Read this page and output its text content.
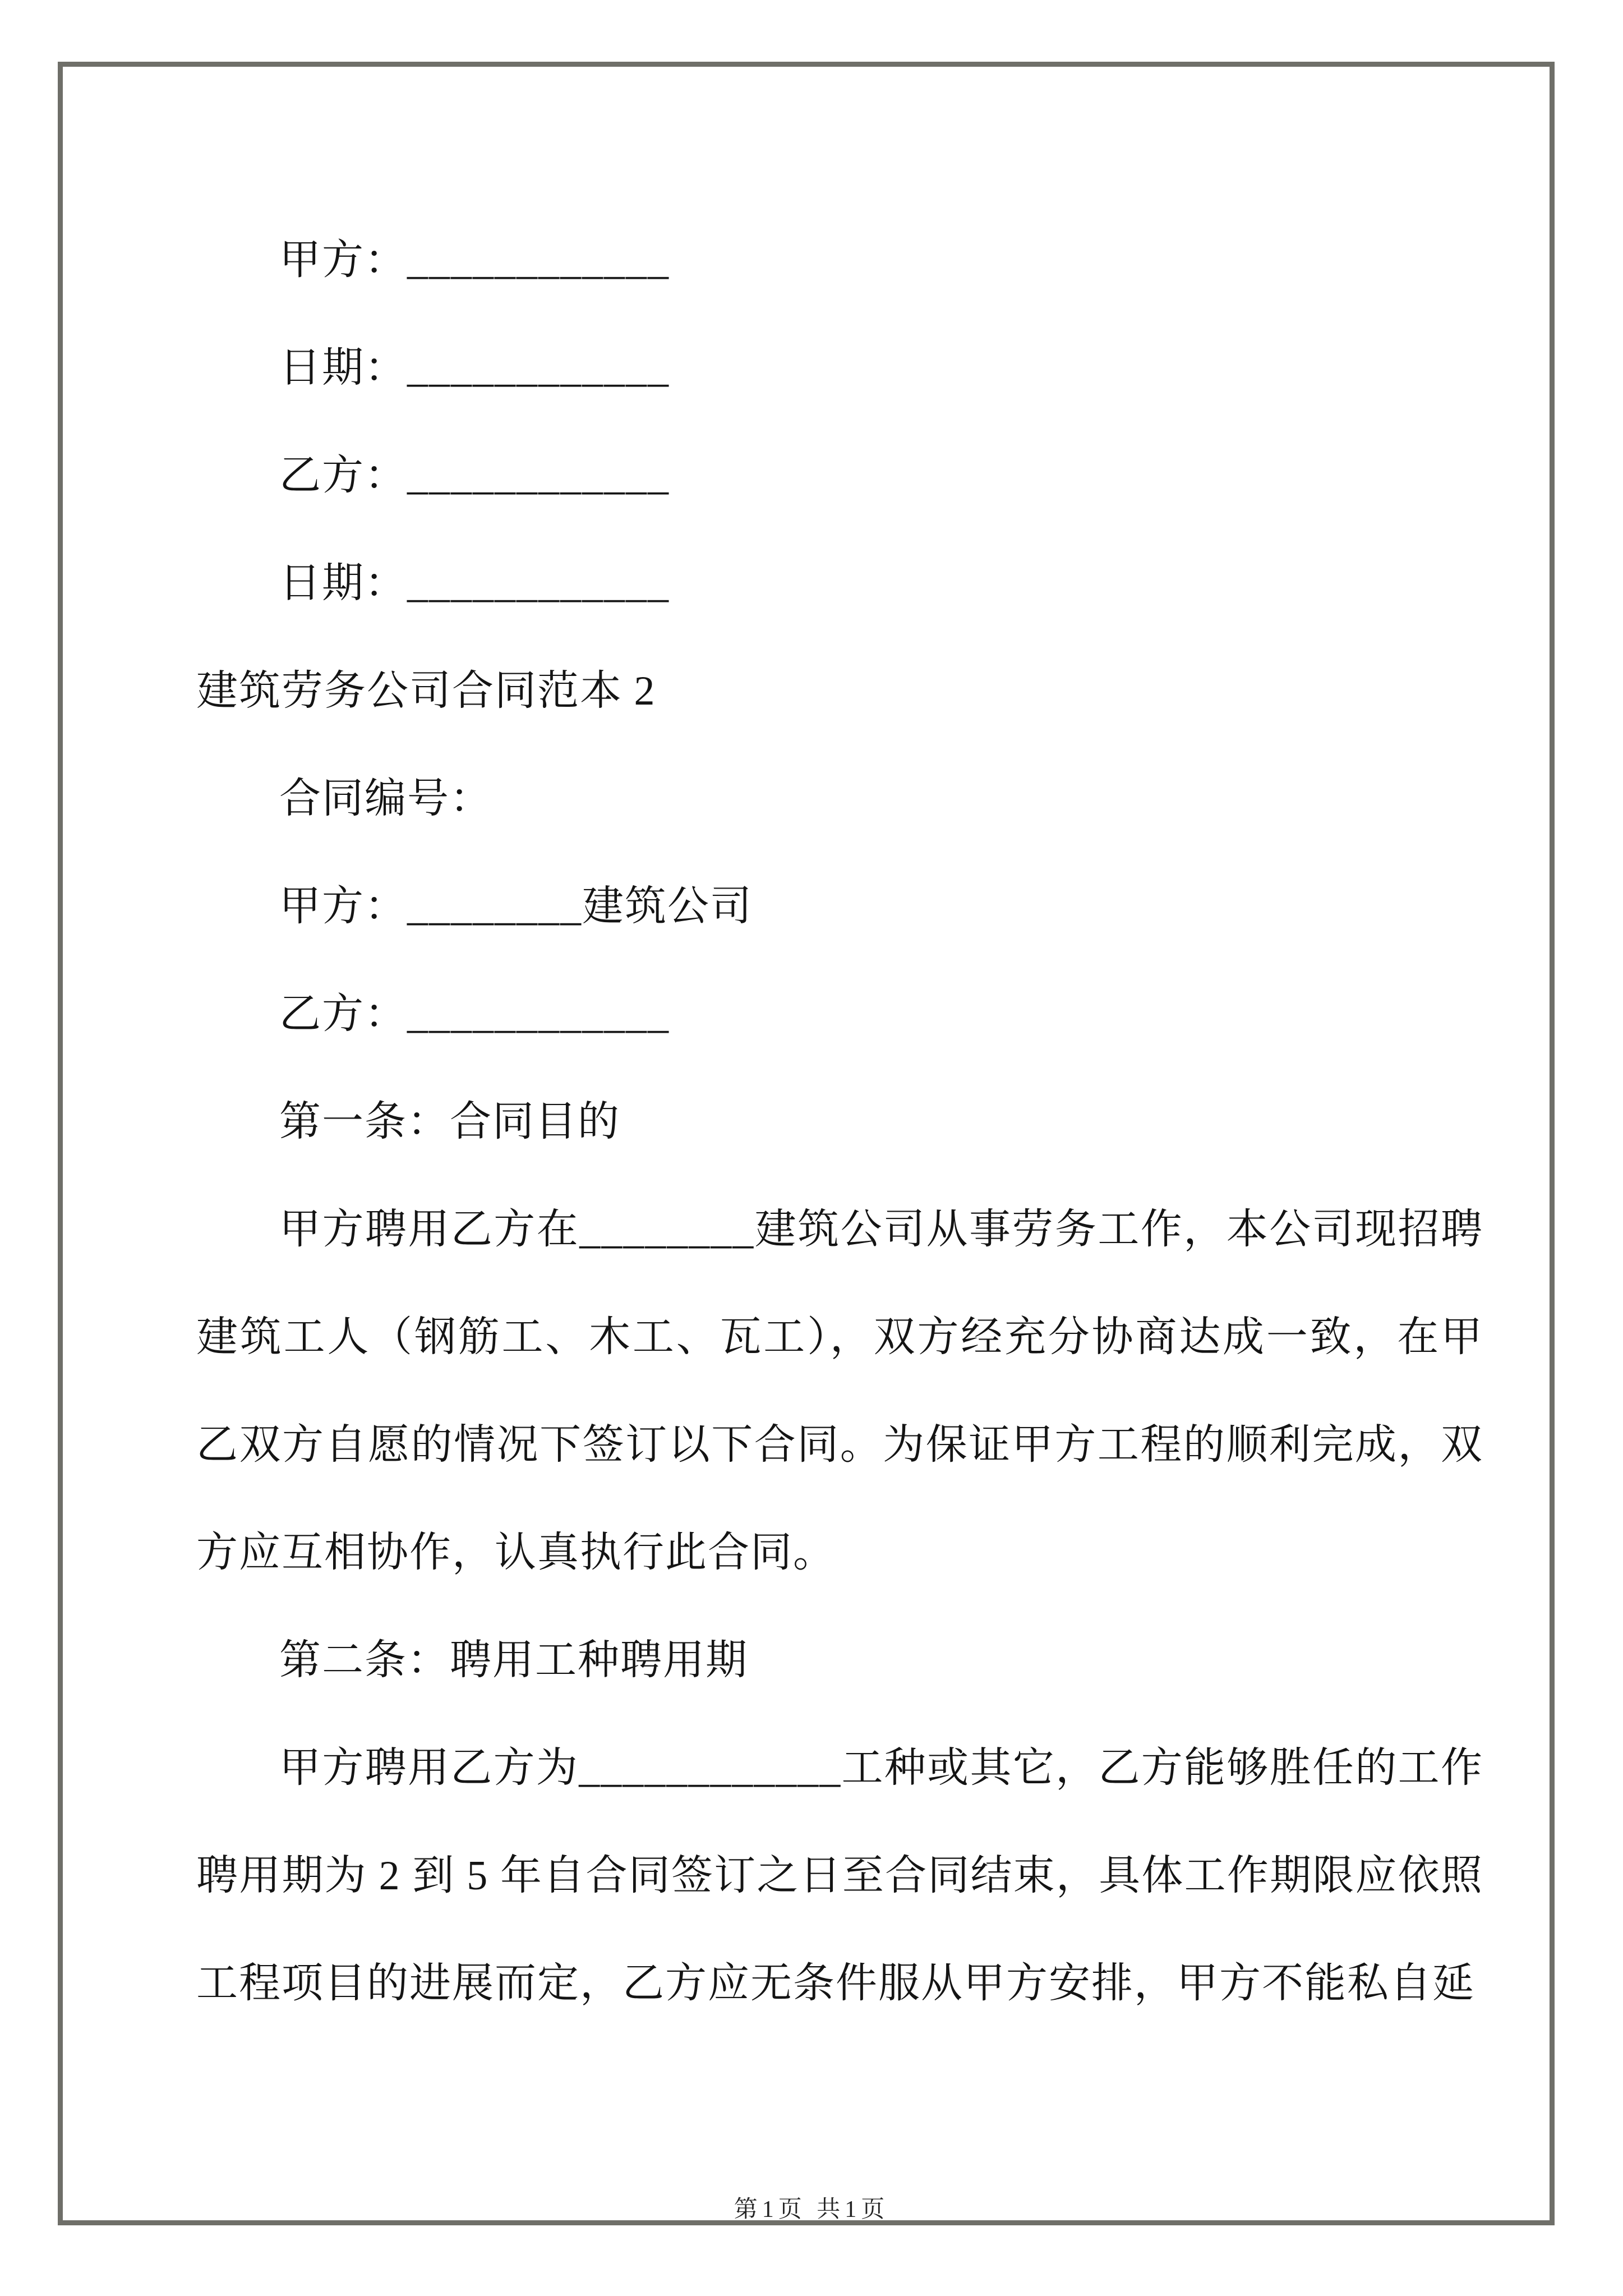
甲方：____________

日期：____________

乙方：____________

日期：____________

建筑劳务公司合同范本 2

合同编号：

甲方：________建筑公司

乙方：____________

第一条：合同目的

甲方聘用乙方在________建筑公司从事劳务工作，本公司现招聘建筑工人（钢筋工、木工、瓦工），双方经充分协商达成一致，在甲乙双方自愿的情况下签订以下合同。为保证甲方工程的顺利完成，双方应互相协作，认真执行此合同。

第二条：聘用工种聘用期

甲方聘用乙方为____________工种或其它，乙方能够胜任的工作聘用期为 2 到 5 年自合同签订之日至合同结束，具体工作期限应依照工程项目的进展而定，乙方应无条件服从甲方安排，甲方不能私自延

第1页 共1页
